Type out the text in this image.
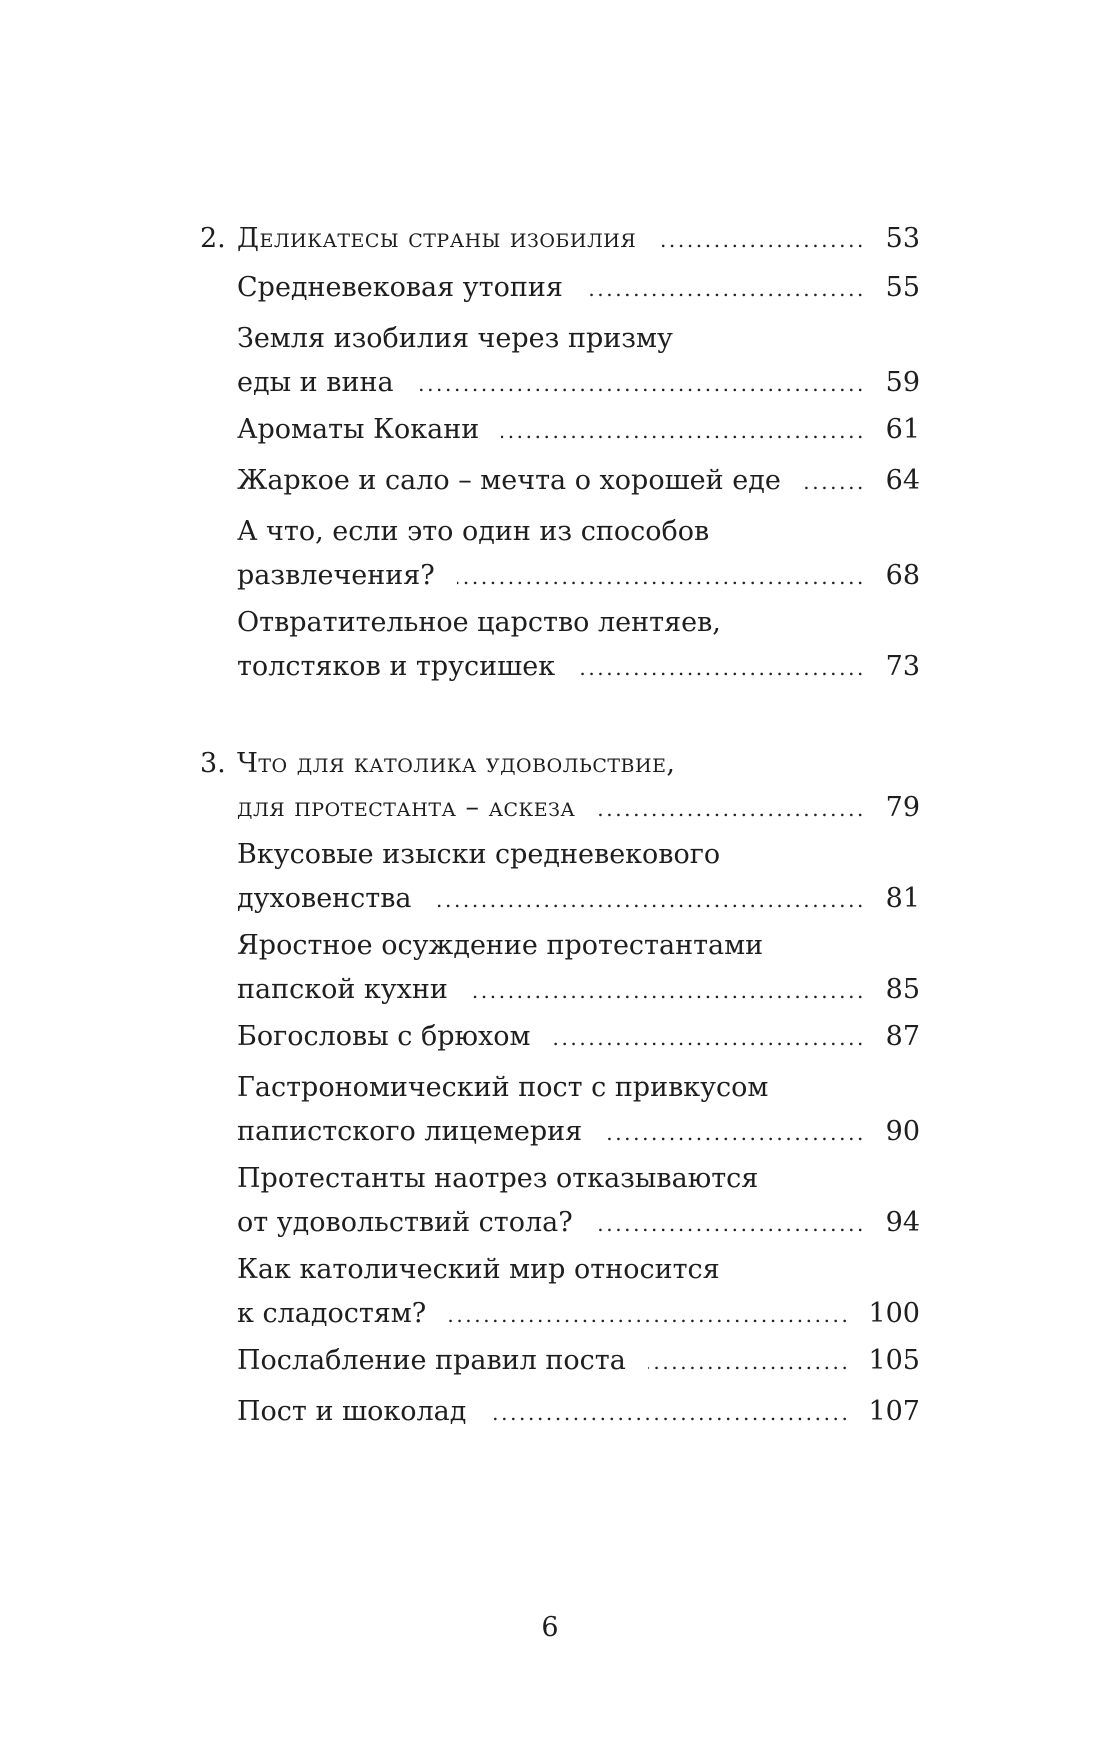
2. Деликатесы страны изобилия .....	53
Средневековая утопия .....	55
Земля изобилия через призму
еды и вина .....	59
Ароматы Кокани .....	61
Жаркое и сало – мечта о хорошей еде .....	64
А что, если это один из способов
развлечения? .....	68
Отвратительное царство лентяев,
толстяков и трусишек .....	73
3. Что для католика удовольствие,
для протестанта – аскеза .....	79
Вкусовые изыски средневекового
духовенства .....	81
Яростное осуждение протестантами
папской кухни .....	85
Богословы с брюхом .....	87
Гастрономический пост с привкусом
папистского лицемерия .....	90
Протестанты наотрез отказываются
от удовольствий стола? .....	94
Как католический мир относится
к сладостям? .....	100
Послабление правил поста .....	105
Пост и шоколад .....	107
6
